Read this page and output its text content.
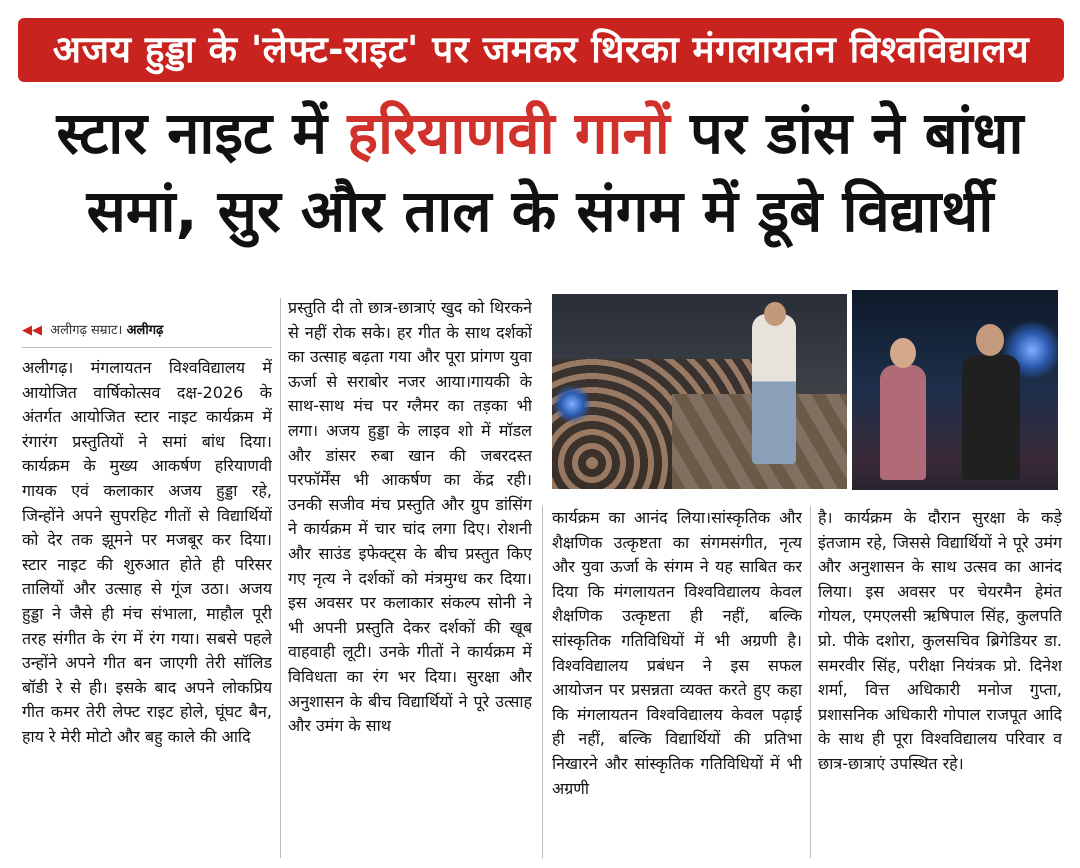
अजय हुड्डा के 'लेफ्ट-राइट' पर जमकर थिरका मंगलायतन विश्वविद्यालय
स्टार नाइट में हरियाणवी गानों पर डांस ने बांधा
समां, सुर और ताल के संगम में डूबे विद्यार्थी
◀◀ अलीगढ़ सम्राट। अलीगढ़

अलीगढ़। मंगलायतन विश्वविद्यालय में आयोजित वार्षिकोत्सव दक्ष-2026 के अंतर्गत आयोजित स्टार नाइट कार्यक्रम में रंगारंग प्रस्तुतियों ने समां बांध दिया। कार्यक्रम के मुख्य आकर्षण हरियाणवी गायक एवं कलाकार अजय हुड्डा रहे, जिन्होंने अपने सुपरहिट गीतों से विद्यार्थियों को देर तक झूमने पर मजबूर कर दिया। स्टार नाइट की शुरुआत होते ही परिसर तालियों और उत्साह से गूंज उठा। अजय हुड्डा ने जैसे ही मंच संभाला, माहौल पूरी तरह संगीत के रंग में रंग गया। सबसे पहले उन्होंने अपने गीत बन जाएगी तेरी सॉलिड बॉडी रे से ही। इसके बाद अपने लोकप्रिय गीत कमर तेरी लेफ्ट राइट होले, घूंघट बैन, हाय रे मेरी मोटो और बहु काले की आदि

प्रस्तुति दी तो छात्र-छात्राएं खुद को थिरकने से नहीं रोक सके। हर गीत के साथ दर्शकों का उत्साह बढ़ता गया और पूरा प्रांगण युवा ऊर्जा से सराबोर नजर आया।गायकी के साथ-साथ मंच पर ग्लैमर का तड़का भी लगा। अजय हुड्डा के लाइव शो में मॉडल और डांसर रुबा खान की जबरदस्त परफॉर्मेंस भी आकर्षण का केंद्र रही। उनकी सजीव मंच प्रस्तुति और ग्रुप डांसिंग ने कार्यक्रम में चार चांद लगा दिए। रोशनी और साउंड इफेक्ट्स के बीच प्रस्तुत किए गए नृत्य ने दर्शकों को मंत्रमुग्ध कर दिया। इस अवसर पर कलाकार संकल्प सोनी ने भी अपनी प्रस्तुति देकर दर्शकों की खूब वाहवाही लूटी। उनके गीतों ने कार्यक्रम में विविधता का रंग भर दिया। सुरक्षा और अनुशासन के बीच विद्यार्थियों ने पूरे उत्साह और उमंग के साथ

कार्यक्रम का आनंद लिया।सांस्कृतिक और शैक्षणिक उत्कृष्टता का संगमसंगीत, नृत्य और युवा ऊर्जा के संगम ने यह साबित कर दिया कि मंगलायतन विश्वविद्यालय केवल शैक्षणिक उत्कृष्टता ही नहीं, बल्कि सांस्कृतिक गतिविधियों में भी अग्रणी है। विश्वविद्यालय प्रबंधन ने इस सफल आयोजन पर प्रसन्नता व्यक्त करते हुए कहा कि मंगलायतन विश्वविद्यालय केवल पढ़ाई ही नहीं, बल्कि विद्यार्थियों की प्रतिभा निखारने और सांस्कृतिक गतिविधियों में भी अग्रणी

है। कार्यक्रम के दौरान सुरक्षा के कड़े इंतजाम रहे, जिससे विद्यार्थियों ने पूरे उमंग और अनुशासन के साथ उत्सव का आनंद लिया। इस अवसर पर चेयरमैन हेमंत गोयल, एमएलसी ऋषिपाल सिंह, कुलपति प्रो. पीके दशोरा, कुलसचिव ब्रिगेडियर डा. समरवीर सिंह, परीक्षा नियंत्रक प्रो. दिनेश शर्मा, वित्त अधिकारी मनोज गुप्ता, प्रशासनिक अधिकारी गोपाल राजपूत आदि के साथ ही पूरा विश्वविद्यालय परिवार व छात्र-छात्राएं उपस्थित रहे।
